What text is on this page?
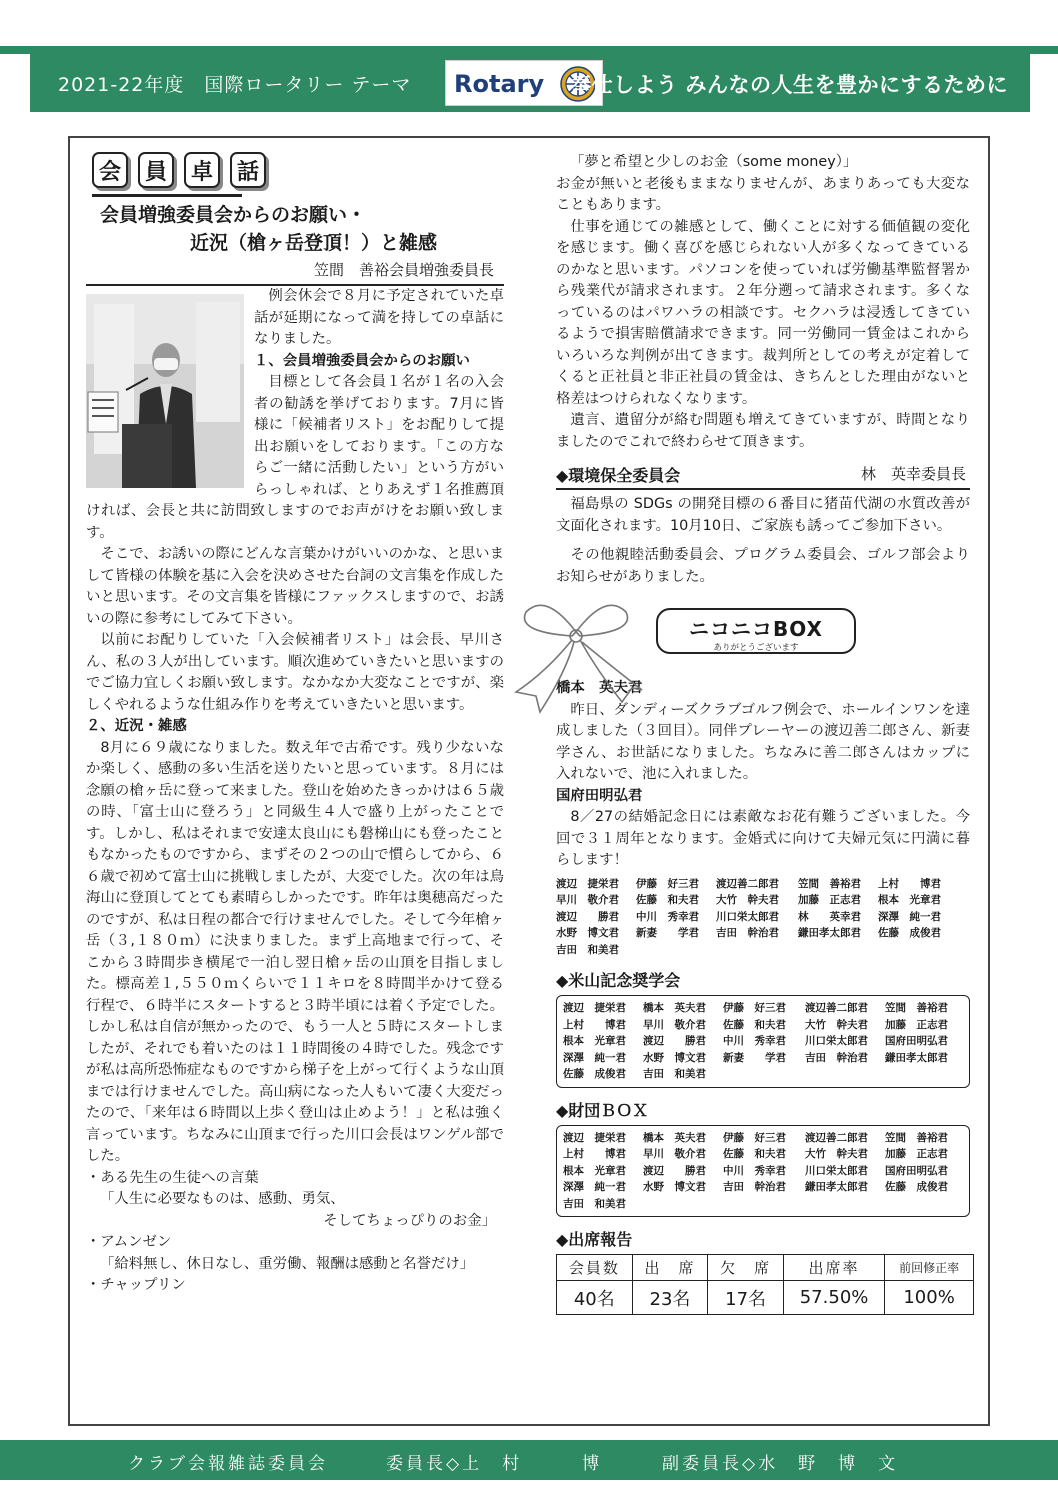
2021-22年度　国際ロータリー テーマ Rotary 奉仕しよう みんなの人生を豊かにするために
会	員	卓	話
会員増強委員会からのお願い・
近況（槍ヶ岳登頂！）と雑感
笠間　善裕会員増強委員長

例会休会で８月に予定されていた卓話が延期になって満を持しての卓話になりました。

１、会員増強委員会からのお願い

目標として各会員１名が１名の入会者の勧誘を挙げております。7月に皆様に「候補者リスト」をお配りして提出お願いをしております。「この方ならご一緒に活動したい」という方がいらっしゃれば、とりあえず１名推薦頂ければ、会長と共に訪問致しますのでお声がけをお願い致します。

そこで、お誘いの際にどんな言葉かけがいいのかな、と思いまして皆様の体験を基に入会を決めさせた台詞の文言集を作成したいと思います。その文言集を皆様にファックスしますので、お誘いの際に参考にしてみて下さい。

以前にお配りしていた「入会候補者リスト」は会長、早川さん、私の３人が出しています。順次進めていきたいと思いますのでご協力宜しくお願い致します。なかなか大変なことですが、楽しくやれるような仕組み作りを考えていきたいと思います。

２、近況・雑感

8月に６９歳になりました。数え年で古希です。残り少ないなか楽しく、感動の多い生活を送りたいと思っています。８月には念願の槍ヶ岳に登って来ました。登山を始めたきっかけは６５歳の時、「富士山に登ろう」と同級生４人で盛り上がったことです。しかし、私はそれまで安達太良山にも磐梯山にも登ったこともなかったものですから、まずその２つの山で慣らしてから、６６歳で初めて富士山に挑戦しましたが、大変でした。次の年は鳥海山に登頂してとても素晴らしかったです。昨年は奥穂高だったのですが、私は日程の都合で行けませんでした。そして今年槍ヶ岳（３,１８０ｍ）に決まりました。まず上高地まで行って、そこから３時間歩き横尾で一泊し翌日槍ヶ岳の山頂を目指しました。標高差１,５５０ｍくらいで１１キロを８時間半かけて登る行程で、６時半にスタートすると３時半頃には着く予定でした。しかし私は自信が無かったので、もう一人と５時にスタートしましたが、それでも着いたのは１１時間後の４時でした。残念ですが私は高所恐怖症なものですから梯子を上がって行くような山頂までは行けませんでした。高山病になった人もいて凄く大変だったので、「来年は６時間以上歩く登山は止めよう！」と私は強く言っています。ちなみに山頂まで行った川口会長はワンゲル部でした。

・ある先生の生徒への言葉

「人生に必要なものは、感動、勇気、

そしてちょっぴりのお金」

・アムンゼン

「給料無し、休日なし、重労働、報酬は感動と名誉だけ」

・チャップリン

「夢と希望と少しのお金（some money）」

お金が無いと老後もままなりませんが、あまりあっても大変なこともあります。

仕事を通じての雑感として、働くことに対する価値観の変化を感じます。働く喜びを感じられない人が多くなってきているのかなと思います。パソコンを使っていれば労働基準監督署から残業代が請求されます。２年分遡って請求されます。多くなっているのはパワハラの相談です。セクハラは浸透してきているようで損害賠償請求できます。同一労働同一賃金はこれからいろいろな判例が出てきます。裁判所としての考えが定着してくると正社員と非正社員の賃金は、きちんとした理由がないと格差はつけられなくなります。

遺言、遺留分が絡む問題も増えてきていますが、時間となりましたのでこれで終わらせて頂きます。

◆環境保全委員会	林　英幸委員長

福島県の SDGs の開発目標の６番目に猪苗代湖の水質改善が文面化されます。10月10日、ご家族も誘ってご参加下さい。

その他親睦活動委員会、プログラム委員会、ゴルフ部会よりお知らせがありました。

ニコニコBOX
ありがとうございます

橋本　英夫君

昨日、ダンディーズクラブゴルフ例会で、ホールインワンを達成しました（３回目）。同伴プレーヤーの渡辺善二郎さん、新妻学さん、お世話になりました。ちなみに善二郎さんはカップに入れないで、池に入れました。

国府田明弘君

8／27の結婚記念日には素敵なお花有難うございました。今回で３１周年となります。金婚式に向けて夫婦元気に円満に暮らします！

渡辺　捷栄君	伊藤　好三君	渡辺善二郎君	笠間　善裕君	上村　　博君
早川　敬介君	佐藤　和夫君	大竹　幹夫君	加藤　正志君	根本　光章君
渡辺　　勝君	中川　秀幸君	川口栄太郎君	林　　英幸君	深澤　純一君
水野　博文君	新妻　　学君	吉田　幹治君	鎌田孝太郎君	佐藤　成俊君
吉田　和美君
◆米山記念奨学会
渡辺　捷栄君	橋本　英夫君	伊藤　好三君	渡辺善二郎君	笠間　善裕君
上村　　博君	早川　敬介君	佐藤　和夫君	大竹　幹夫君	加藤　正志君
根本　光章君	渡辺　　勝君	中川　秀幸君	川口栄太郎君	国府田明弘君
深澤　純一君	水野　博文君	新妻　　学君	吉田　幹治君	鎌田孝太郎君
佐藤　成俊君	吉田　和美君
◆財団ＢＯＸ
渡辺　捷栄君	橋本　英夫君	伊藤　好三君	渡辺善二郎君	笠間　善裕君
上村　　博君	早川　敬介君	佐藤　和夫君	大竹　幹夫君	加藤　正志君
根本　光章君	渡辺　　勝君	中川　秀幸君	川口栄太郎君	国府田明弘君
深澤　純一君	水野　博文君	吉田　幹治君	鎌田孝太郎君	佐藤　成俊君
吉田　和美君
◆出席報告
会員数	出　席	欠　席	出席率	前回修正率
40名	23名	17名	57.50%	100%
クラブ会報雑誌委員会	委員長◇上　村　　　博	副委員長◇水　野　博　文
